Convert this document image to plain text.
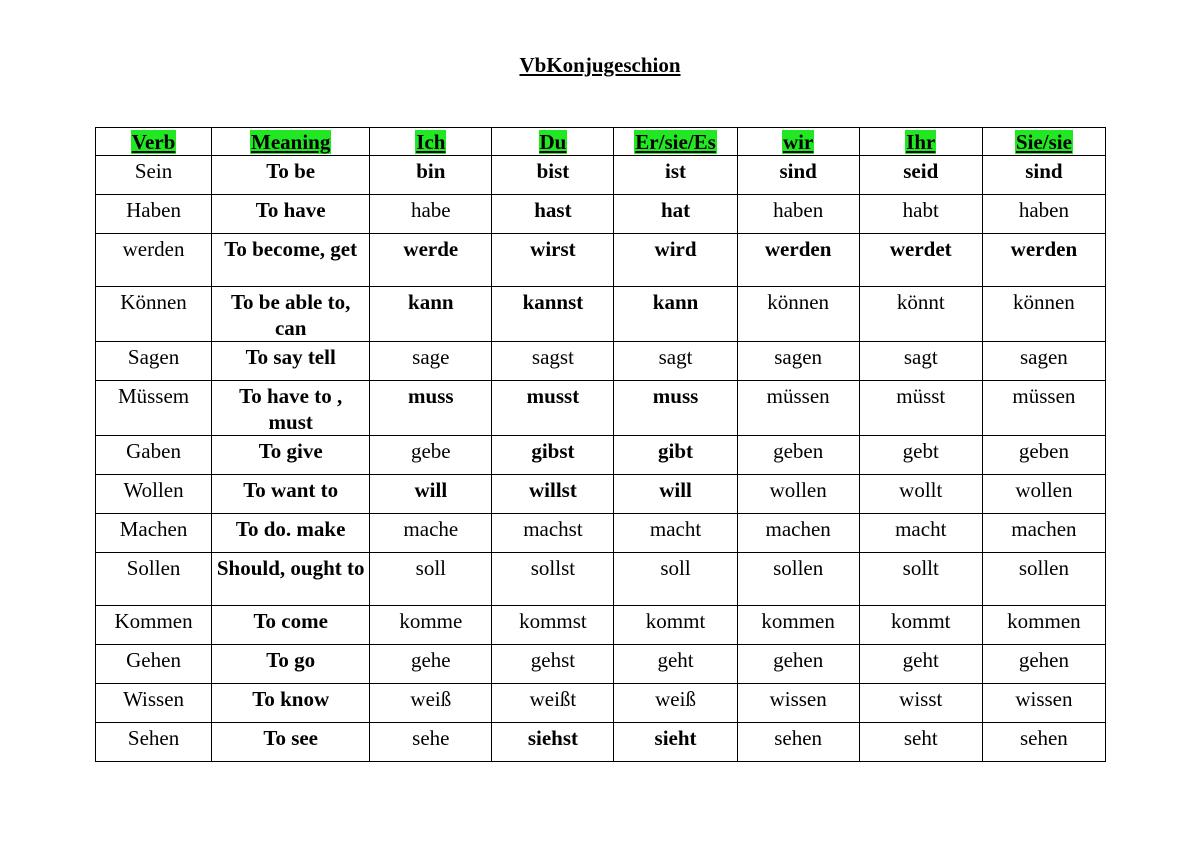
VbKonjugeschion
Verb	Meaning	Ich	Du	Er/sie/Es	wir	Ihr	Sie/sie
Sein	To be	bin	bist	ist	sind	seid	sind
Haben	To have	habe	hast	hat	haben	habt	haben
werden	To become, get	werde	wirst	wird	werden	werdet	werden
Können	To be able to, can	kann	kannst	kann	können	könnt	können
Sagen	To say tell	sage	sagst	sagt	sagen	sagt	sagen
Müssem	To have to , must	muss	musst	muss	müssen	müsst	müssen
Gaben	To give	gebe	gibst	gibt	geben	gebt	geben
Wollen	To want to	will	willst	will	wollen	wollt	wollen
Machen	To do. make	mache	machst	macht	machen	macht	machen
Sollen	Should, ought to	soll	sollst	soll	sollen	sollt	sollen
Kommen	To come	komme	kommst	kommt	kommen	kommt	kommen
Gehen	To go	gehe	gehst	geht	gehen	geht	gehen
Wissen	To know	weiß	weißt	weiß	wissen	wisst	wissen
Sehen	To see	sehe	siehst	sieht	sehen	seht	sehen
